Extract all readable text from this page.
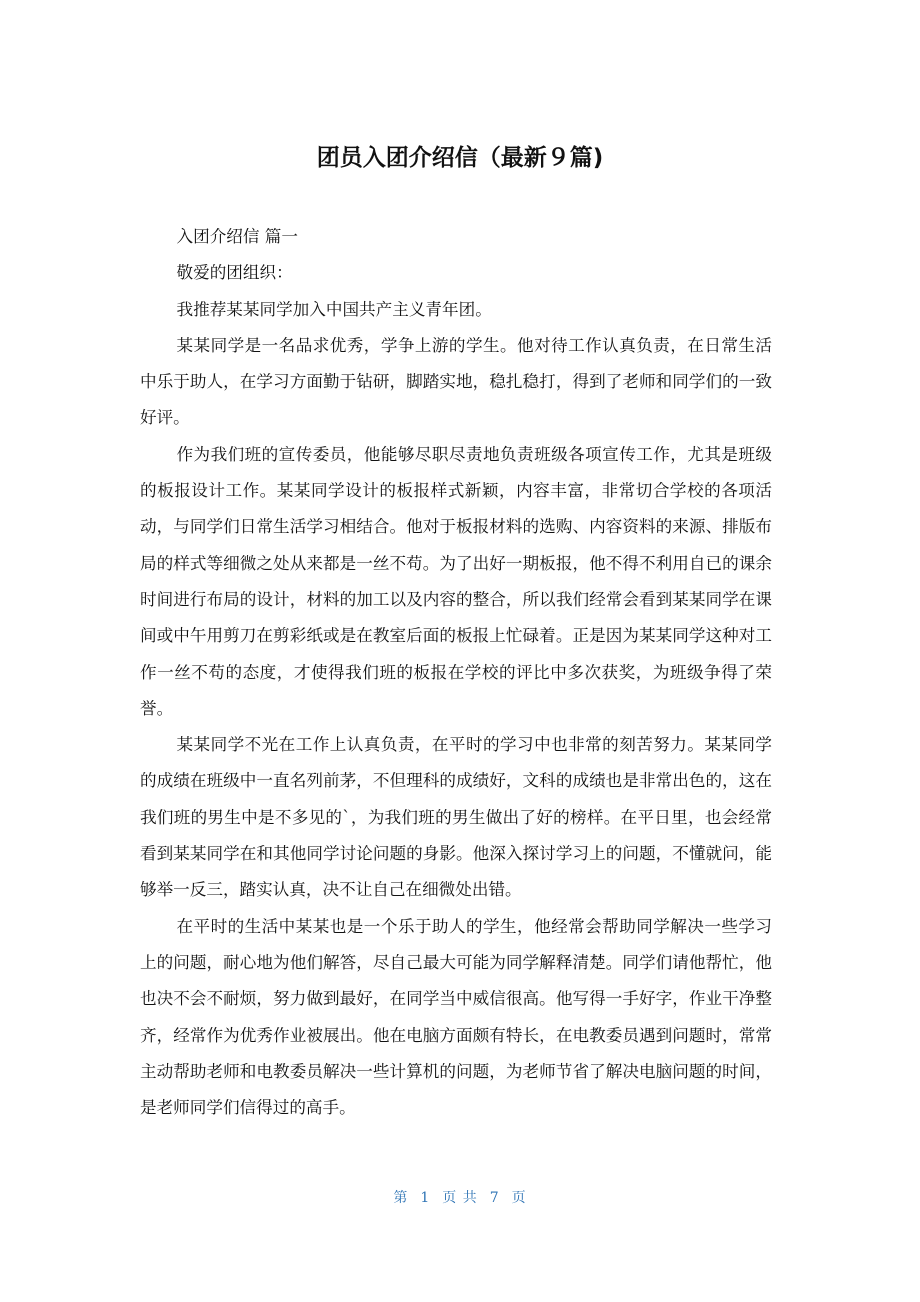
团员入团介绍信（最新９篇)

入团介绍信 篇一

敬爱的团组织：

我推荐某某同学加入中国共产主义青年团。

某某同学是一名品求优秀，学争上游的学生。他对待工作认真负责，在日常生活中乐于助人，在学习方面勤于钻研，脚踏实地，稳扎稳打，得到了老师和同学们的一致好评。

作为我们班的宣传委员，他能够尽职尽责地负责班级各项宣传工作，尤其是班级的板报设计工作。某某同学设计的板报样式新颖，内容丰富，非常切合学校的各项活动，与同学们日常生活学习相结合。他对于板报材料的选购、内容资料的来源、排版布局的样式等细微之处从来都是一丝不苟。为了出好一期板报，他不得不利用自已的课余时间进行布局的设计，材料的加工以及内容的整合，所以我们经常会看到某某同学在课间或中午用剪刀在剪彩纸或是在教室后面的板报上忙碌着。正是因为某某同学这种对工作一丝不苟的态度，才使得我们班的板报在学校的评比中多次获奖，为班级争得了荣誉。

某某同学不光在工作上认真负责，在平时的学习中也非常的刻苦努力。某某同学的成绩在班级中一直名列前茅，不但理科的成绩好，文科的成绩也是非常出色的，这在我们班的男生中是不多见的`，为我们班的男生做出了好的榜样。在平日里，也会经常看到某某同学在和其他同学讨论问题的身影。他深入探讨学习上的问题，不懂就问，能够举一反三，踏实认真，决不让自己在细微处出错。

在平时的生活中某某也是一个乐于助人的学生，他经常会帮助同学解决一些学习上的问题，耐心地为他们解答，尽自己最大可能为同学解释清楚。同学们请他帮忙，他也决不会不耐烦，努力做到最好，在同学当中威信很高。他写得一手好字，作业干净整齐，经常作为优秀作业被展出。他在电脑方面颇有特长，在电教委员遇到问题时，常常主动帮助老师和电教委员解决一些计算机的问题，为老师节省了解决电脑问题的时间，是老师同学们信得过的高手。

第 1 页 共 7 页
